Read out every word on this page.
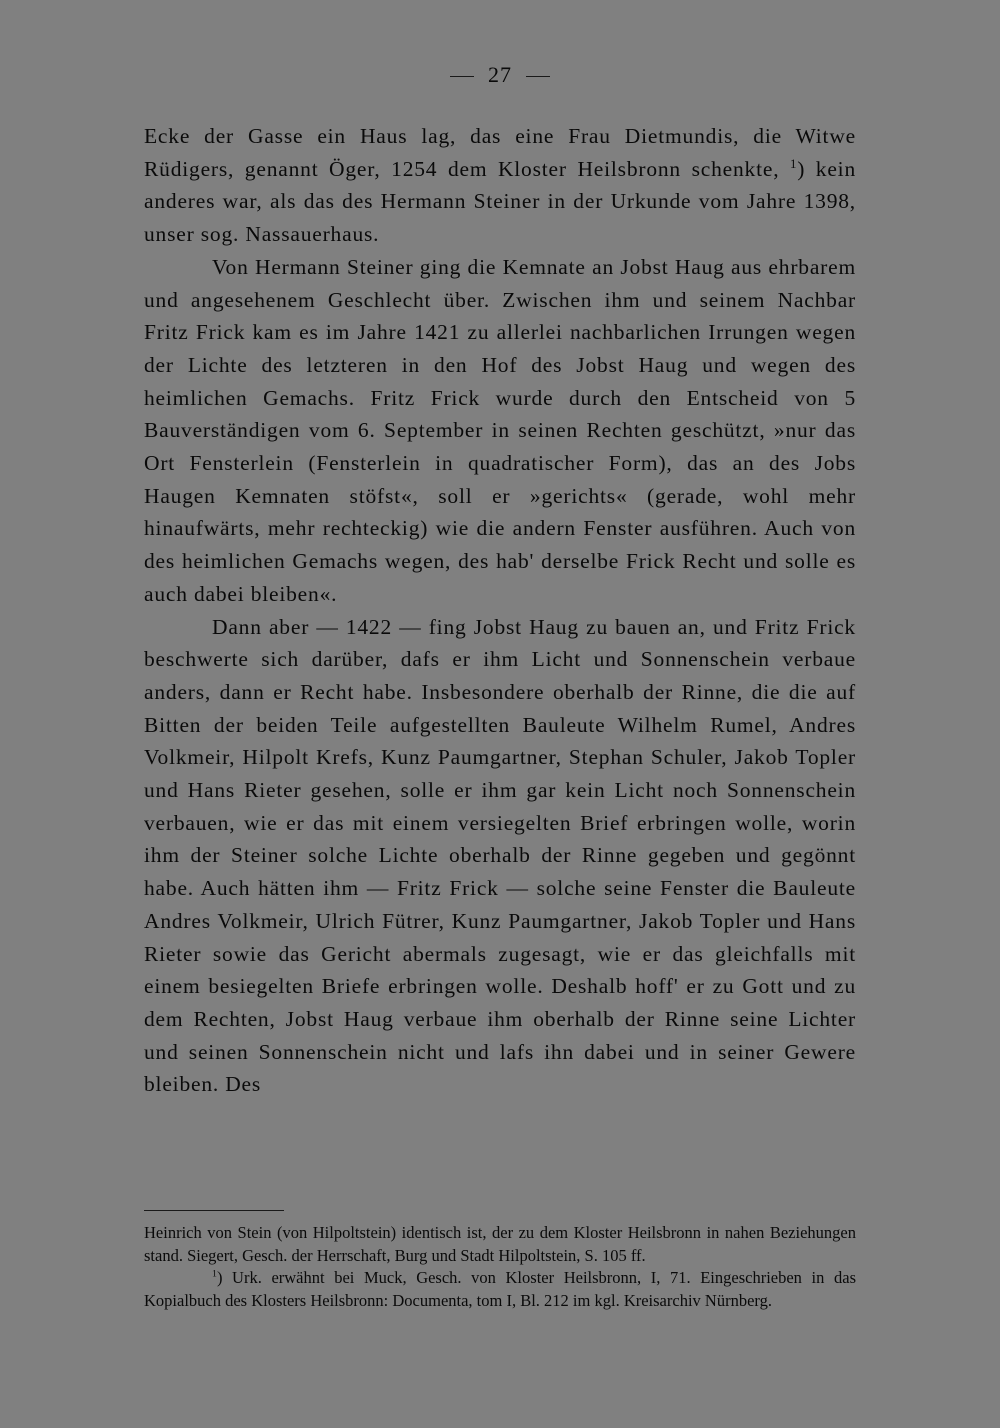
27

Ecke der Gasse ein Haus lag, das eine Frau Dietmundis, die Witwe Rüdigers, genannt Öger, 1254 dem Kloster Heilsbronn schenkte, $^1$) kein anderes war, als das des Hermann Steiner in der Urkunde vom Jahre 1398, unser sog. Nassauerhaus.

Von Hermann Steiner ging die Kemnate an Jobst Haug aus ehrbarem und angesehenem Geschlecht über. Zwischen ihm und seinem Nachbar Fritz Frick kam es im Jahre 1421 zu allerlei nachbarlichen Irrungen wegen der Lichte des letzteren in den Hof des Jobst Haug und wegen des heimlichen Gemachs. Fritz Frick wurde durch den Entscheid von 5 Bauverständigen vom 6. September in seinen Rechten geschützt, »nur das Ort Fensterlein (Fensterlein in quadratischer Form), das an des Jobs Haugen Kemnaten stöfst«, soll er »gerichts« (gerade, wohl mehr hinaufwärts, mehr rechteckig) wie die andern Fenster ausführen. Auch von des heimlichen Gemachs wegen, des hab' derselbe Frick Recht und solle es auch dabei bleiben«.

Dann aber — 1422 — fing Jobst Haug zu bauen an, und Fritz Frick beschwerte sich darüber, dafs er ihm Licht und Sonnenschein verbaue anders, dann er Recht habe. Insbesondere oberhalb der Rinne, die die auf Bitten der beiden Teile aufgestellten Bauleute Wilhelm Rumel, Andres Volkmeir, Hilpolt Krefs, Kunz Paumgartner, Stephan Schuler, Jakob Topler und Hans Rieter gesehen, solle er ihm gar kein Licht noch Sonnenschein verbauen, wie er das mit einem versiegelten Brief erbringen wolle, worin ihm der Steiner solche Lichte oberhalb der Rinne gegeben und gegönnt habe. Auch hätten ihm — Fritz Frick — solche seine Fenster die Bauleute Andres Volkmeir, Ulrich Fütrer, Kunz Paumgartner, Jakob Topler und Hans Rieter sowie das Gericht abermals zugesagt, wie er das gleichfalls mit einem besiegelten Briefe erbringen wolle. Deshalb hoff' er zu Gott und zu dem Rechten, Jobst Haug verbaue ihm oberhalb der Rinne seine Lichter und seinen Sonnenschein nicht und lafs ihn dabei und in seiner Gewere bleiben. Des

Heinrich von Stein (von Hilpoltstein) identisch ist, der zu dem Kloster Heilsbronn in nahen Beziehungen stand. Siegert, Gesch. der Herrschaft, Burg und Stadt Hilpoltstein, S. 105 ff.

$^1$) Urk. erwähnt bei Muck, Gesch. von Kloster Heilsbronn, I, 71. Eingeschrieben in das Kopialbuch des Klosters Heilsbronn: Documenta, tom I, Bl. 212 im kgl. Kreisarchiv Nürnberg.
